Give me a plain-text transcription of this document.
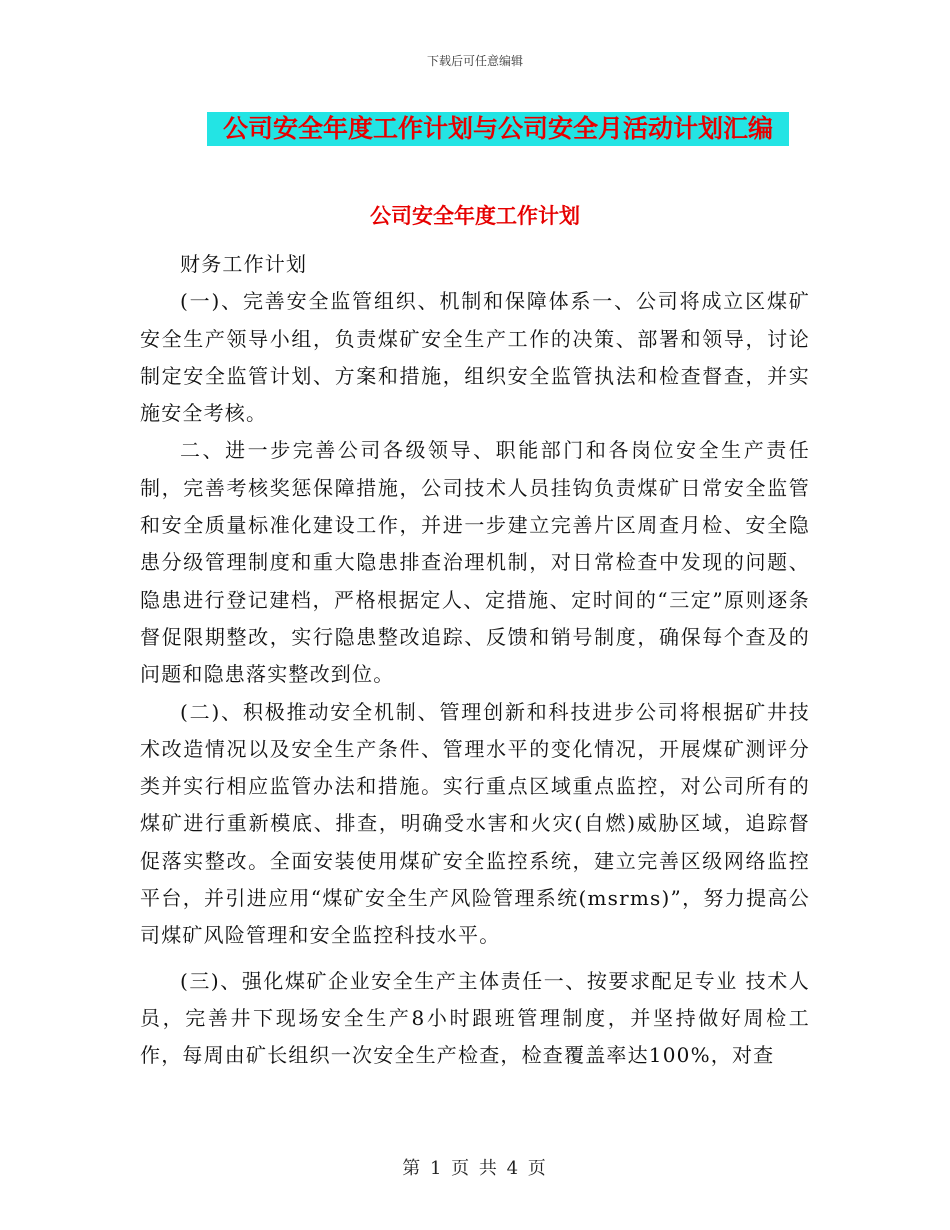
下载后可任意编辑
公司安全年度工作计划与公司安全月活动计划汇编
公司安全年度工作计划

财务工作计划

(一)、完善安全监管组织、机制和保障体系一、公司将成立区煤矿安全生产领导小组，负责煤矿安全生产工作的决策、部署和领导，讨论制定安全监管计划、方案和措施，组织安全监管执法和检查督查，并实施安全考核。

二、进一步完善公司各级领导、职能部门和各岗位安全生产责任制，完善考核奖惩保障措施，公司技术人员挂钩负责煤矿日常安全监管和安全质量标准化建设工作，并进一步建立完善片区周查月检、安全隐患分级管理制度和重大隐患排查治理机制，对日常检查中发现的问题、隐患进行登记建档，严格根据定人、定措施、定时间的“三定”原则逐条督促限期整改，实行隐患整改追踪、反馈和销号制度，确保每个查及的问题和隐患落实整改到位。

(二)、积极推动安全机制、管理创新和科技进步公司将根据矿井技术改造情况以及安全生产条件、管理水平的变化情况，开展煤矿测评分类并实行相应监管办法和措施。实行重点区域重点监控，对公司所有的煤矿进行重新模底、排查，明确受水害和火灾(自燃)威胁区域，追踪督促落实整改。全面安装使用煤矿安全监控系统，建立完善区级网络监控平台，并引进应用“煤矿安全生产风险管理系统(msrms)”，努力提高公司煤矿风险管理和安全监控科技水平。

(三)、强化煤矿企业安全生产主体责任一、按要求配足专业 技术人员，完善井下现场安全生产8小时跟班管理制度，并坚持做好周检工作，每周由矿长组织一次安全生产检查，检查覆盖率达100%，对查

第 1 页 共 4 页
